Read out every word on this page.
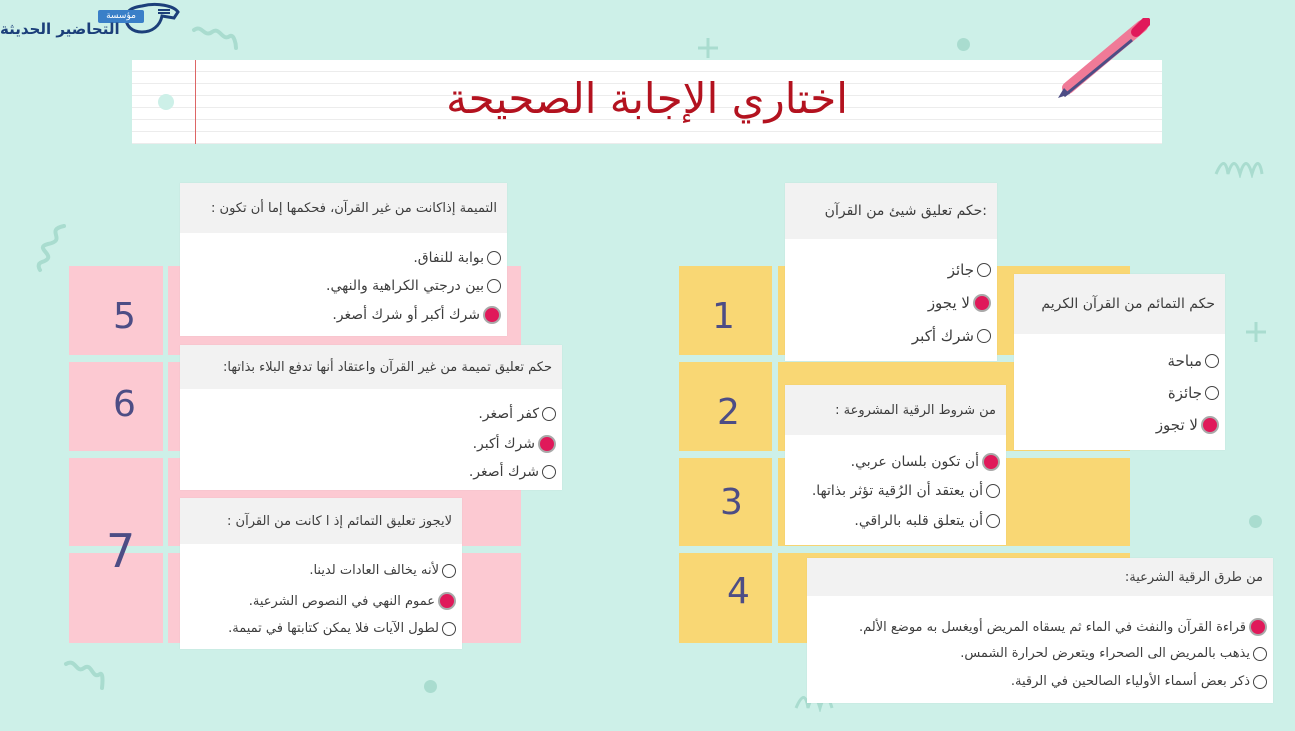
مؤسسة
التحاضير الحديثة
اختاري الإجابة الصحيحة
1
2
3
4
5
6
7
:حكم تعليق شيئ من القرآن
جائز
لا يجوز
شرك أكبر
حكم التمائم من القرآن الكريم
مباحة
جائزة
لا تجوز
من شروط الرقية المشروعة :
أن تكون بلسان عربي.
أن يعتقد أن الرُقية تؤثر بذاتها.
أن يتعلق قلبه بالراقي.
من طرق الرقية الشرعية:
قراءة القرآن والنفث في الماء ثم يسقاه المريض أويغسل به موضع الألم.
يذهب بالمريض الى الصحراء ويتعرض لحرارة الشمس.
ذكر بعض أسماء الأولياء الصالحين في الرقية.
التميمة إذاكانت من غير القرآن، فحكمها إما أن تكون :
بوابة للنفاق.
بين درجتي الكراهية والنهي.
شرك أكبر أو شرك أصغر.
حكم تعليق تميمة من غير القرآن واعتقاد أنها تدفع البلاء بذاتها:
كفر أصغر.
شرك أكبر.
شرك أصغر.
لايجوز تعليق التمائم إذ ا كانت من القرآن :
لأنه يخالف العادات لدينا.
عموم النهي في النصوص الشرعية.
لطول الآيات فلا يمكن كتابتها في تميمة.
